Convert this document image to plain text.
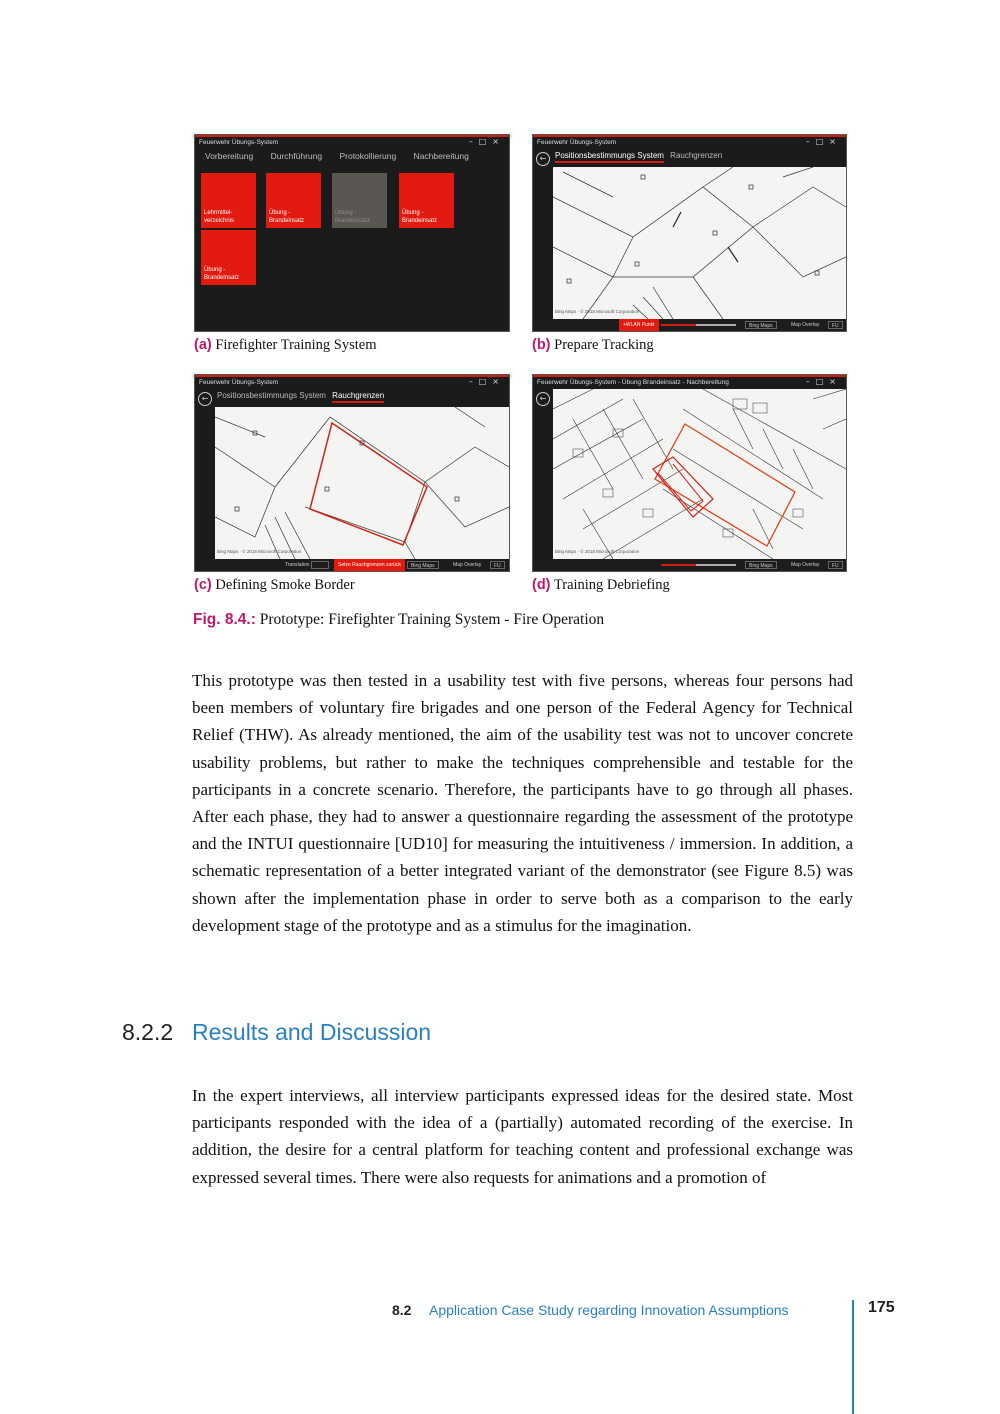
Feuerwehr Übungs-System	–□×
Vorbereitung Durchführung Protokollierung Nachbereitung
Lehrmittel-
verzeichnis
Übung -
Brandeinsatz
Übung -
Brandeinsatz
Übung -
Brandeinsatz
Übung -
Brandeinsatz
(a) Firefighter Training System
Feuerwehr Übungs-System	–□×
←	Positionsbestimmungs System Rauchgrenzen
Bing Maps · © 2018 Microsoft Corporation
+WLAN Punkt	Bing Maps	Map Overlay	FU
(b) Prepare Tracking
Feuerwehr Übungs-System	–□×
←	Positionsbestimmungs System Rauchgrenzen
Bing Maps · © 2018 Microsoft Corporation
Translation	Setze Rauchgrenzen zurück	Bing Maps	Map Overlay	FU
(c) Defining Smoke Border
Feuerwehr Übungs-System - Übung Brandeinsatz - Nachbereitung	–□×
←
Bing Maps · © 2018 Microsoft Corporation
Bing Maps	Map Overlay	FU
(d) Training Debriefing
Fig. 8.4.: Prototype: Firefighter Training System - Fire Operation
This prototype was then tested in a usability test with five persons, whereas four persons had been members of voluntary fire brigades and one person of the Federal Agency for Technical Relief (THW). As already mentioned, the aim of the usability test was not to uncover concrete usability problems, but rather to make the techniques comprehensible and testable for the participants in a concrete scenario. Therefore, the participants have to go through all phases. After each phase, they had to answer a questionnaire regarding the assessment of the prototype and the INTUI questionnaire [UD10] for measuring the intuitiveness / immersion. In addition, a schematic representation of a better integrated variant of the demonstrator (see Figure 8.5) was shown after the implementation phase in order to serve both as a comparison to the early development stage of the prototype and as a stimulus for the imagination.
8.2.2 Results and Discussion
In the expert interviews, all interview participants expressed ideas for the desired state. Most participants responded with the idea of a (partially) automated recording of the exercise. In addition, the desire for a central platform for teaching content and professional exchange was expressed several times. There were also requests for animations and a promotion of
8.2 Application Case Study regarding Innovation Assumptions	175
